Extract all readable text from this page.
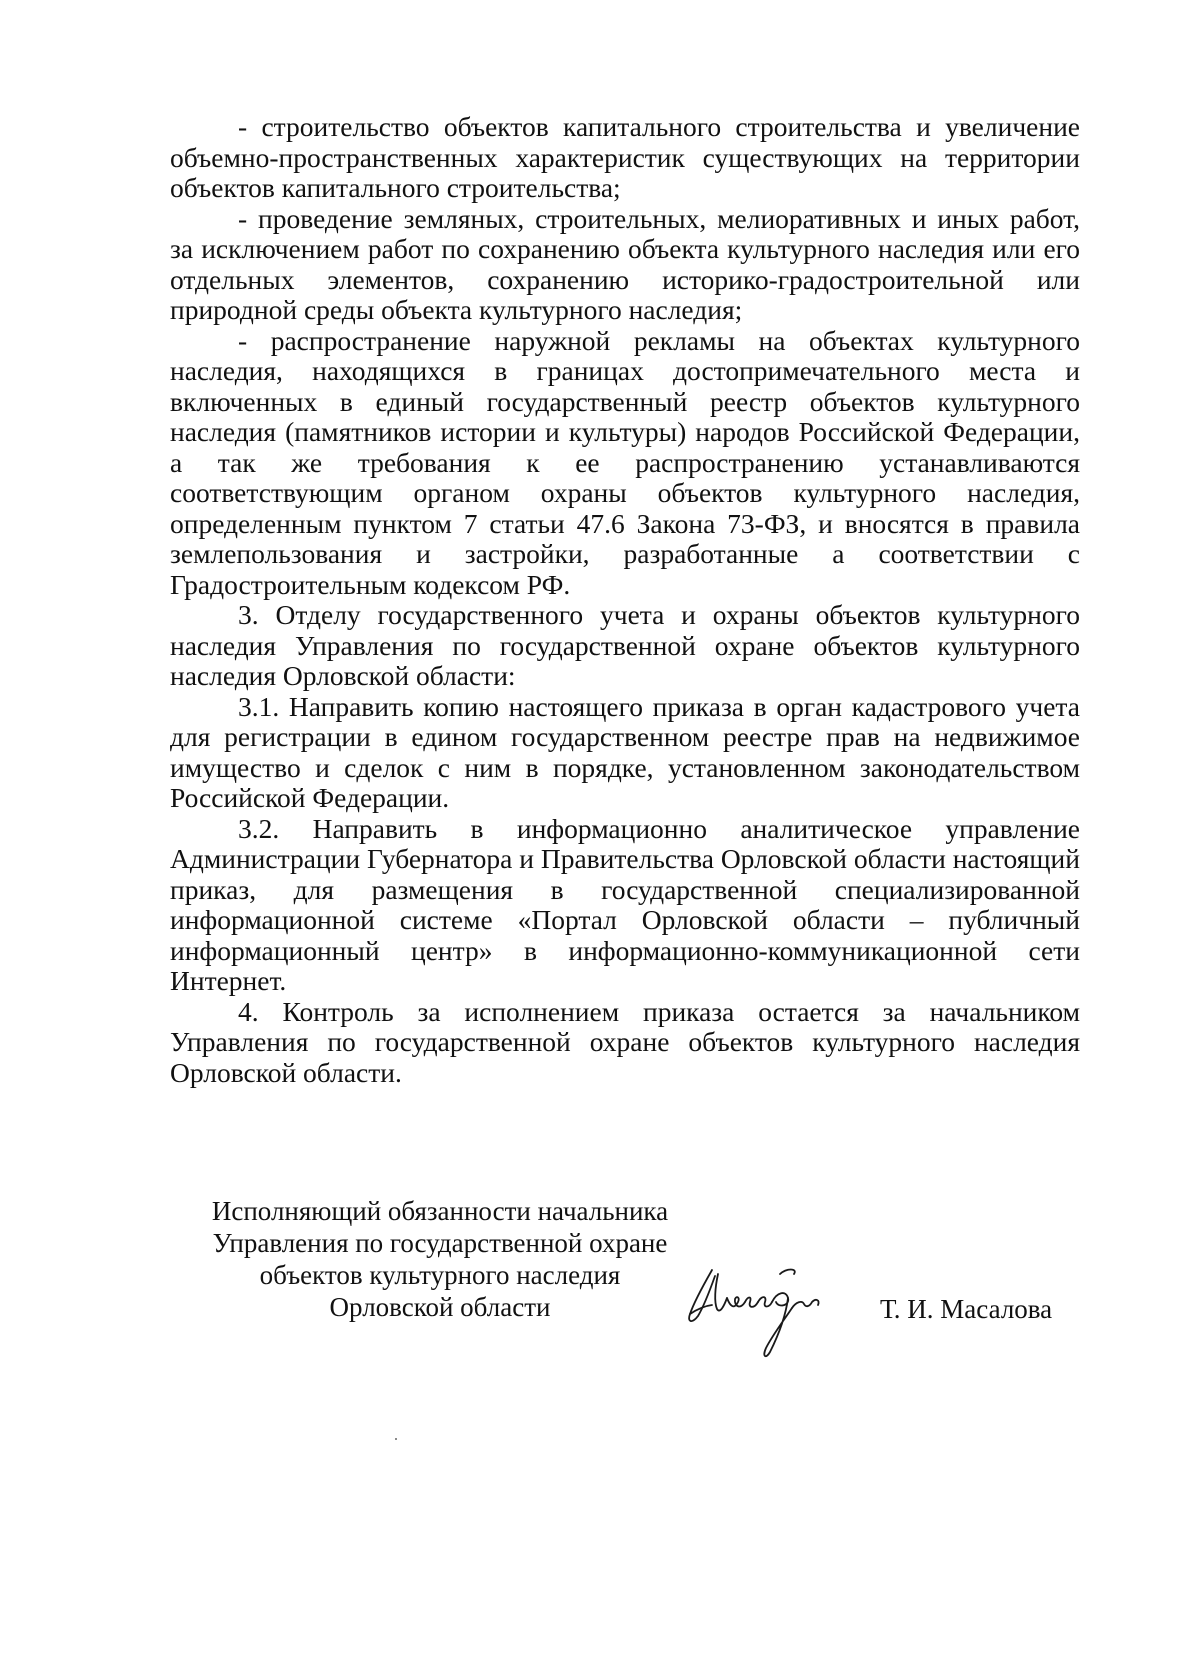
- строительство объектов капитального строительства и увеличение объемно-пространственных характеристик существующих на территории объектов капитального строительства;

- проведение земляных, строительных, мелиоративных и иных работ, за исключением работ по сохранению объекта культурного наследия или его отдельных элементов, сохранению историко-градостроительной или природной среды объекта культурного наследия;

- распространение наружной рекламы на объектах культурного наследия, находящихся в границах достопримечательного места и включенных в единый государственный реестр объектов культурного наследия (памятников истории и культуры) народов Российской Федерации, а так же требования к ее распространению устанавливаются соответствующим органом охраны объектов культурного наследия, определенным пунктом 7 статьи 47.6 Закона 73-ФЗ, и вносятся в правила землепользования и застройки, разработанные а соответствии с Градостроительным кодексом РФ.

3. Отделу государственного учета и охраны объектов культурного наследия Управления по государственной охране объектов культурного наследия Орловской области:

3.1. Направить копию настоящего приказа в орган кадастрового учета для регистрации в едином государственном реестре прав на недвижимое имущество и сделок с ним в порядке, установленном законодательством Российской Федерации.

3.2. Направить в информационно аналитическое управление Администрации Губернатора и Правительства Орловской области настоящий приказ, для размещения в государственной специализированной информационной системе «Портал Орловской области – публичный информационный центр» в информационно-коммуникационной сети Интернет.

4. Контроль за исполнением приказа остается за начальником Управления по государственной охране объектов культурного наследия Орловской области.

Исполняющий обязанности начальника

Управления по государственной охране

объектов культурного наследия

Орловской области	Т. И. Масалова
